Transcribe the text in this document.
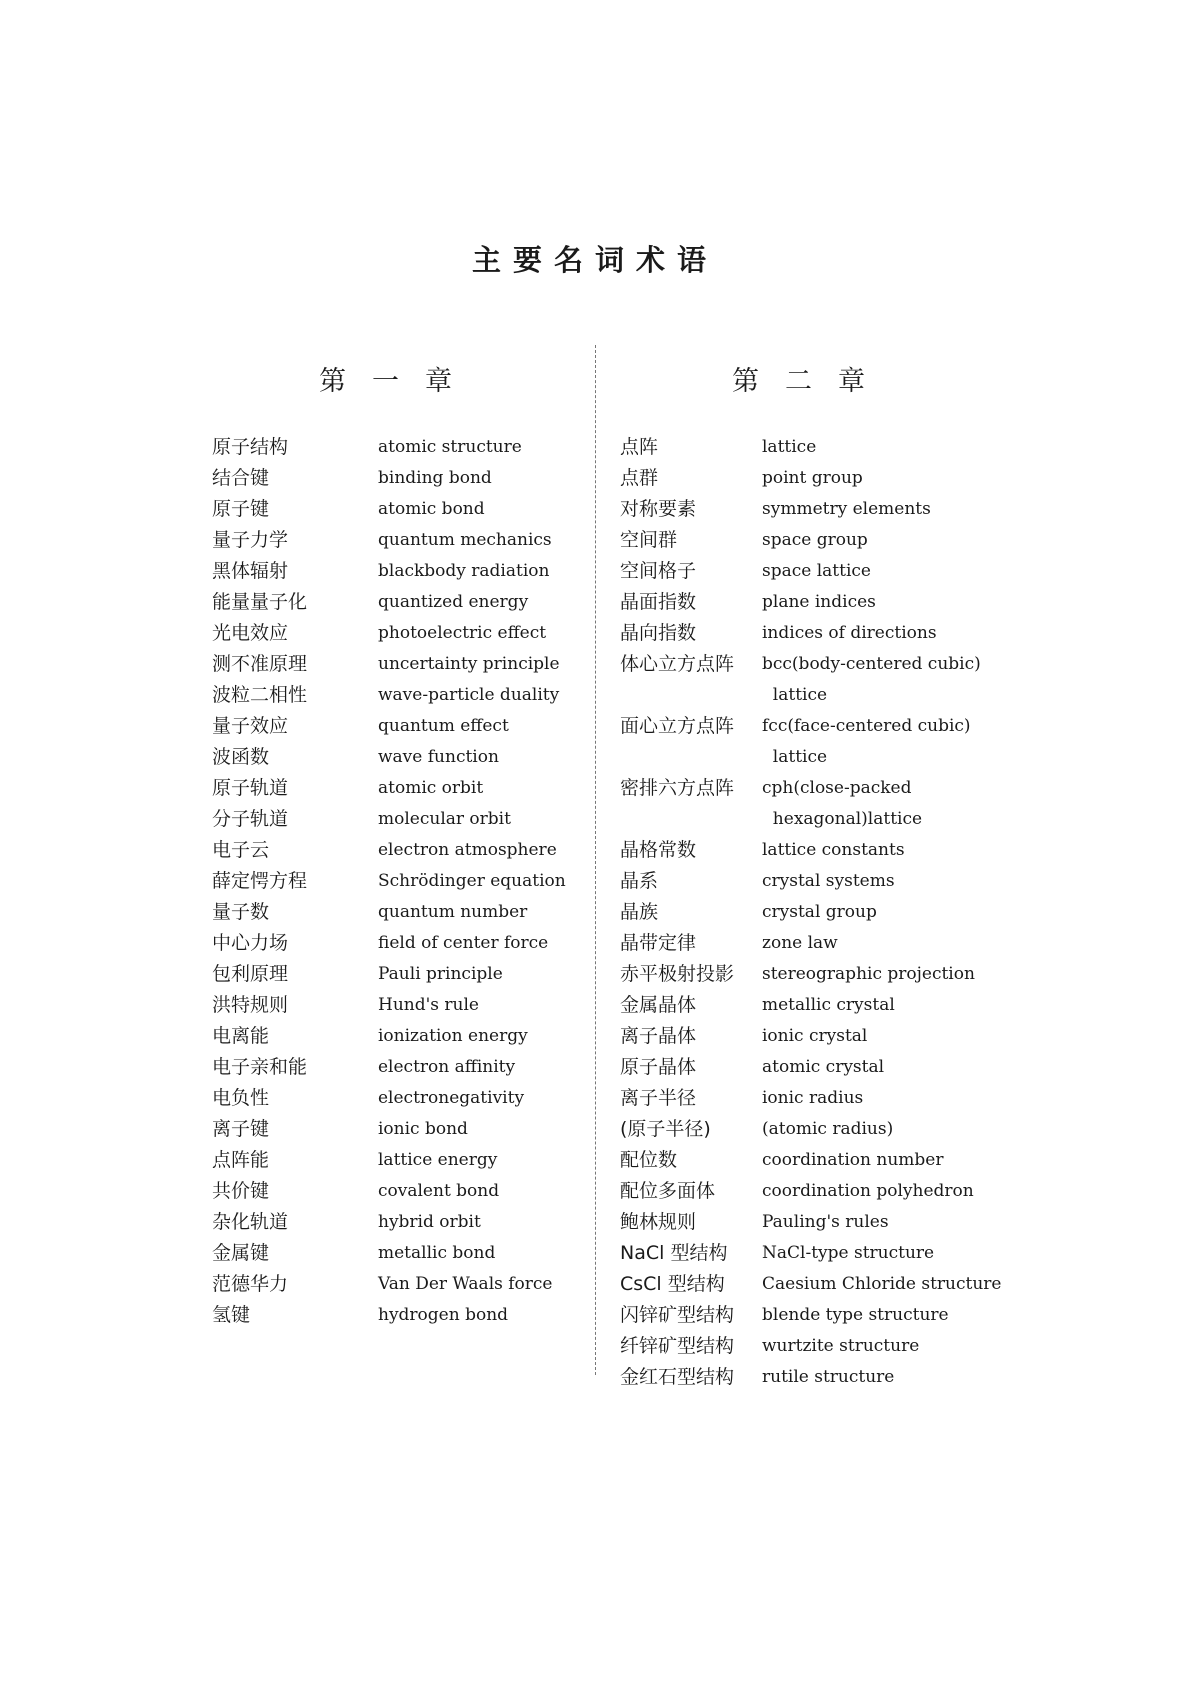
主要名词术语
第一章
原子结构	atomic structure
结合键	binding bond
原子键	atomic bond
量子力学	quantum mechanics
黑体辐射	blackbody radiation
能量量子化	quantized energy
光电效应	photoelectric effect
测不准原理	uncertainty principle
波粒二相性	wave-particle duality
量子效应	quantum effect
波函数	wave function
原子轨道	atomic orbit
分子轨道	molecular orbit
电子云	electron atmosphere
薛定愕方程	Schrödinger equation
量子数	quantum number
中心力场	field of center force
包利原理	Pauli principle
洪特规则	Hund's rule
电离能	ionization energy
电子亲和能	electron affinity
电负性	electronegativity
离子键	ionic bond
点阵能	lattice energy
共价键	covalent bond
杂化轨道	hybrid orbit
金属键	metallic bond
范德华力	Van Der Waals force
氢键	hydrogen bond
第二章
点阵	lattice
点群	point group
对称要素	symmetry elements
空间群	space group
空间格子	space lattice
晶面指数	plane indices
晶向指数	indices of directions
体心立方点阵	bcc(body-centered cubic)
lattice
面心立方点阵	fcc(face-centered cubic)
lattice
密排六方点阵	cph(close-packed
hexagonal)lattice
晶格常数	lattice constants
晶系	crystal systems
晶族	crystal group
晶带定律	zone law
赤平极射投影	stereographic projection
金属晶体	metallic crystal
离子晶体	ionic crystal
原子晶体	atomic crystal
离子半径	ionic radius
(原子半径)	(atomic radius)
配位数	coordination number
配位多面体	coordination polyhedron
鲍林规则	Pauling's rules
NaCl 型结构	NaCl-type structure
CsCl 型结构	Caesium Chloride structure
闪锌矿型结构	blende type structure
纤锌矿型结构	wurtzite structure
金红石型结构	rutile structure
